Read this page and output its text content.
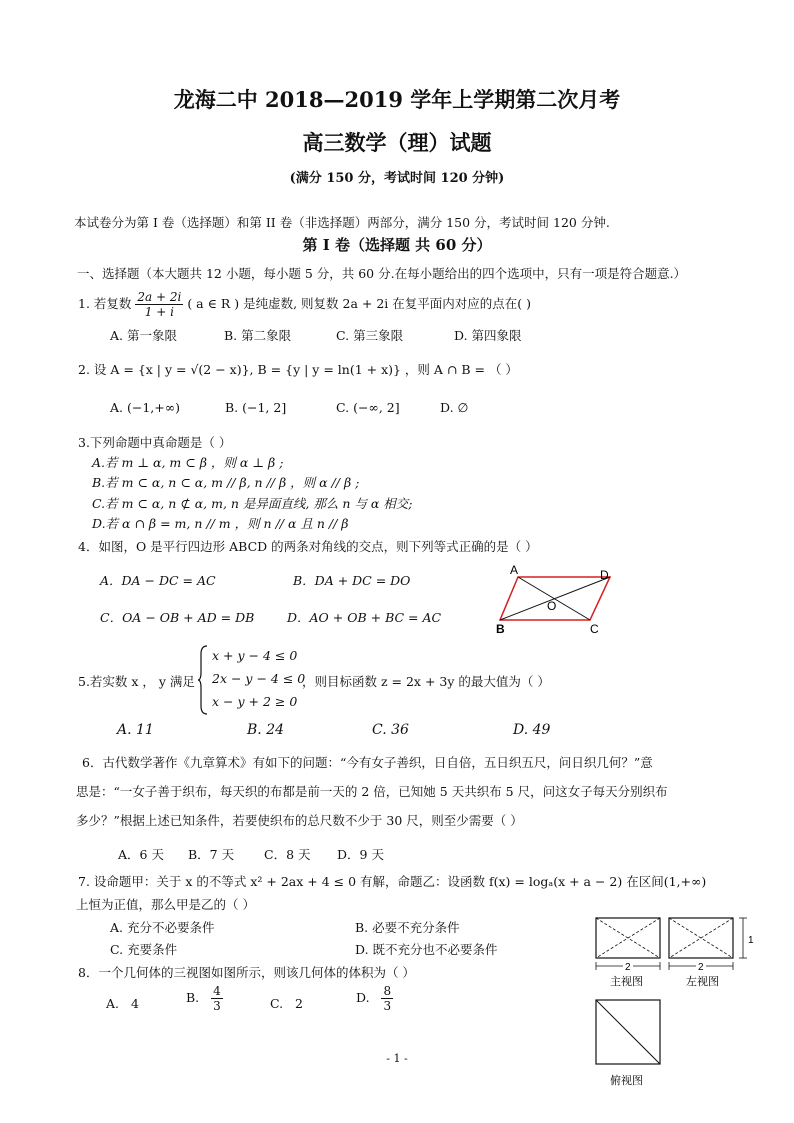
龙海二中 2018—2019 学年上学期第二次月考
高三数学（理）试题
(满分 150 分，考试时间 120 分钟)
本试卷分为第 I 卷（选择题）和第 II 卷（非选择题）两部分，满分 150 分，考试时间 120 分钟.
第 I 卷（选择题 共 60 分）
一、选择题（本大题共 12 小题，每小题 5 分，共 60 分.在每小题给出的四个选项中，只有一项是符合题意.）
1. 若复数 $\frac{2a + 2i}{1 + i}$ ( a ∈ R ) 是纯虚数, 则复数 2a + 2i 在复平面内对应的点在( )
A. 第一象限	B. 第二象限	C. 第三象限	D. 第四象限
2. 设 A = {x | y = √(2 − x)}, B = {y | y = ln(1 + x)} ，则 A ∩ B = （ ）
A. (−1,+∞)	B. (−1, 2]	C. (−∞, 2]	D. ∅
3.下列命题中真命题是（ ）
A.若 m ⊥ α, m ⊂ β ，则 α ⊥ β ;
B.若 m ⊂ α, n ⊂ α, m // β, n // β ，则 α // β ;
C.若 m ⊂ α, n ⊄ α, m, n 是异面直线, 那么 n 与 α 相交;
D.若 α ∩ β = m, n // m ，则 n // α 且 n // β
4．如图，O 是平行四边形 ABCD 的两条对角线的交点，则下列等式正确的是（ ）
A．DA − DC = AC	B．DA + DC = DO
C．OA − OB + AD = DB	D．AO + OB + BC = AC
A	D
O
B	C
5.若实数 x ， y 满足
x + y − 4 ≤ 0
2x − y − 4 ≤ 0
x − y + 2 ≥ 0
，则目标函数 z = 2x + 3y 的最大值为（ ）
A. 11	B. 24	C. 36	D. 49
6．古代数学著作《九章算术》有如下的问题：“今有女子善织，日自倍，五日织五尺，问日织几何？”意
思是：“一女子善于织布，每天织的布都是前一天的 2 倍，已知她 5 天共织布 5 尺，问这女子每天分别织布
多少？”根据上述已知条件，若要使织布的总尺数不少于 30 尺，则至少需要（ ）
A．6 天 B．7 天 C．8 天 D．9 天
7. 设命题甲：关于 x 的不等式 x² + 2ax + 4 ≤ 0 有解，命题乙：设函数 f(x) = logₐ(x + a − 2) 在区间(1,+∞)
上恒为正值，那么甲是乙的（ ）
A. 充分不必要条件	B. 必要不充分条件
C. 充要条件	D. 既不充分也不必要条件
8．一个几何体的三视图如图所示，则该几何体的体积为（ ）
A. 4	B. $\frac{4}{3}$	C. 2	D. $\frac{8}{3}$
2	2
1
主视图	左视图
俯视图
- 1 -
